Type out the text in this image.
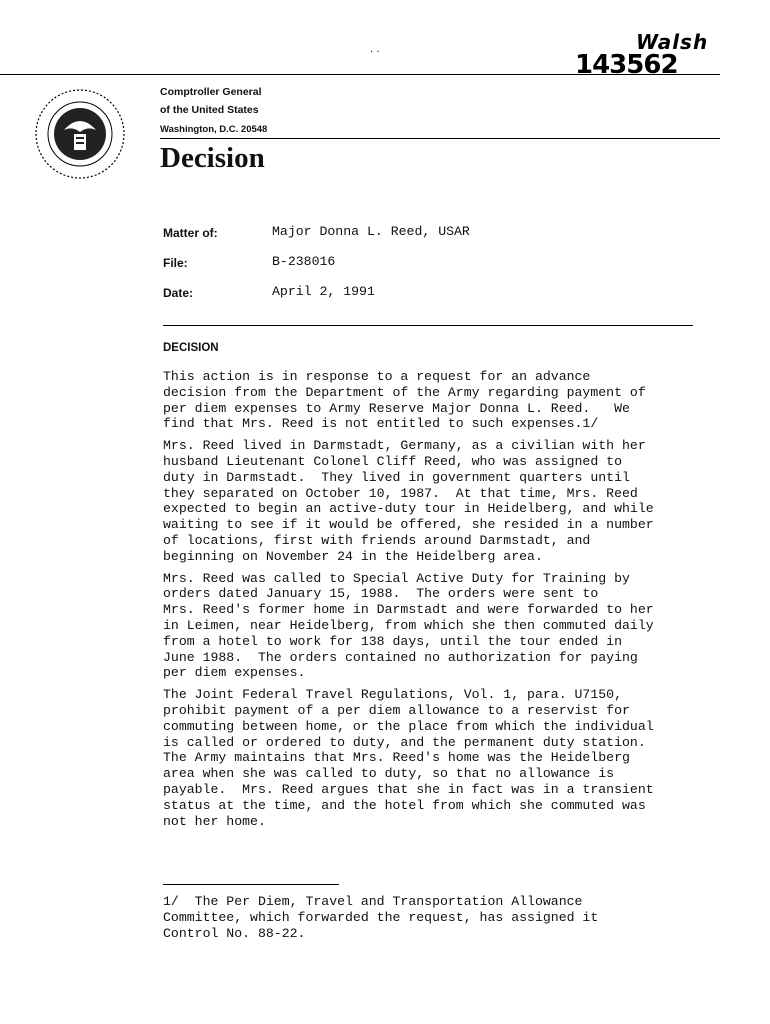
. .	Walsh
143562
Comptroller General
of the United States
Washington, D.C. 20548
Decision
Matter of:	Major Donna L. Reed, USAR
File:	B-238016
Date:	April 2, 1991
DECISION

This action is in response to a request for an advance
decision from the Department of the Army regarding payment of
per diem expenses to Army Reserve Major Donna L. Reed.   We
find that Mrs. Reed is not entitled to such expenses.1/

Mrs. Reed lived in Darmstadt, Germany, as a civilian with her
husband Lieutenant Colonel Cliff Reed, who was assigned to
duty in Darmstadt.  They lived in government quarters until
they separated on October 10, 1987.  At that time, Mrs. Reed
expected to begin an active-duty tour in Heidelberg, and while
waiting to see if it would be offered, she resided in a number
of locations, first with friends around Darmstadt, and
beginning on November 24 in the Heidelberg area.

Mrs. Reed was called to Special Active Duty for Training by
orders dated January 15, 1988.  The orders were sent to
Mrs. Reed's former home in Darmstadt and were forwarded to her
in Leimen, near Heidelberg, from which she then commuted daily
from a hotel to work for 138 days, until the tour ended in
June 1988.  The orders contained no authorization for paying
per diem expenses.

The Joint Federal Travel Regulations, Vol. 1, para. U7150,
prohibit payment of a per diem allowance to a reservist for
commuting between home, or the place from which the individual
is called or ordered to duty, and the permanent duty station.
The Army maintains that Mrs. Reed's home was the Heidelberg
area when she was called to duty, so that no allowance is
payable.  Mrs. Reed argues that she in fact was in a transient
status at the time, and the hotel from which she commuted was
not her home.

1/  The Per Diem, Travel and Transportation Allowance
Committee, which forwarded the request, has assigned it
Control No. 88-22.
